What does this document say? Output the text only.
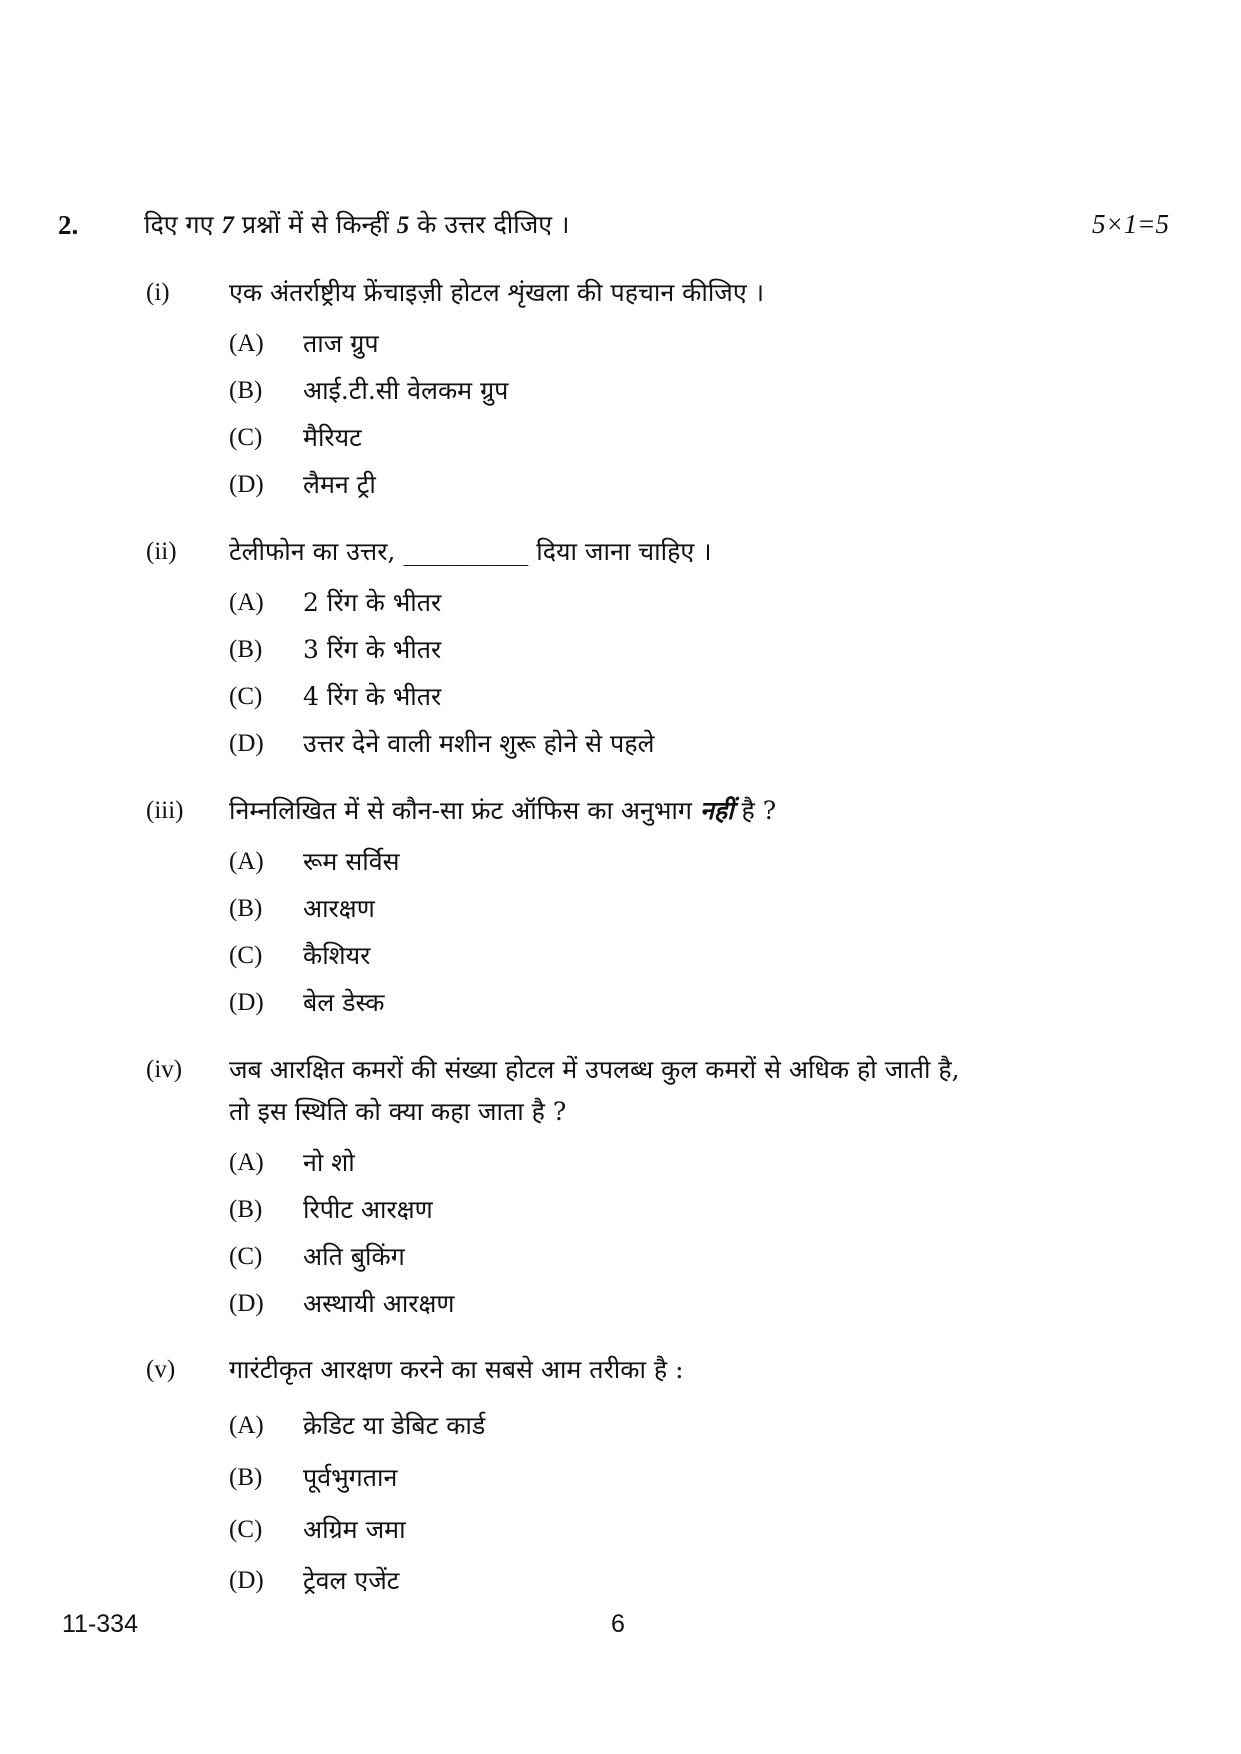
2.	दिए गए 7 प्रश्नों में से किन्हीं 5 के उत्तर दीजिए ।	5×1=5
(i) एक अंतर्राष्ट्रीय फ्रेंचाइज़ी होटल शृंखला की पहचान कीजिए ।
(A) ताज ग्रुप
(B) आई.टी.सी वेलकम ग्रुप
(C) मैरियट
(D) लैमन ट्री
(ii) टेलीफोन का उत्तर, __________ दिया जाना चाहिए ।
(A) 2 रिंग के भीतर
(B) 3 रिंग के भीतर
(C) 4 रिंग के भीतर
(D) उत्तर देने वाली मशीन शुरू होने से पहले
(iii) निम्नलिखित में से कौन-सा फ्रंट ऑफिस का अनुभाग नहीं है ?
(A) रूम सर्विस
(B) आरक्षण
(C) कैशियर
(D) बेल डेस्क
(iv) जब आरक्षित कमरों की संख्या होटल में उपलब्ध कुल कमरों से अधिक हो जाती है,
तो इस स्थिति को क्या कहा जाता है ?
(A) नो शो
(B) रिपीट आरक्षण
(C) अति बुकिंग
(D) अस्थायी आरक्षण
(v) गारंटीकृत आरक्षण करने का सबसे आम तरीका है :
(A) क्रेडिट या डेबिट कार्ड
(B) पूर्वभुगतान
(C) अग्रिम जमा
(D) ट्रेवल एजेंट
11-334	6
